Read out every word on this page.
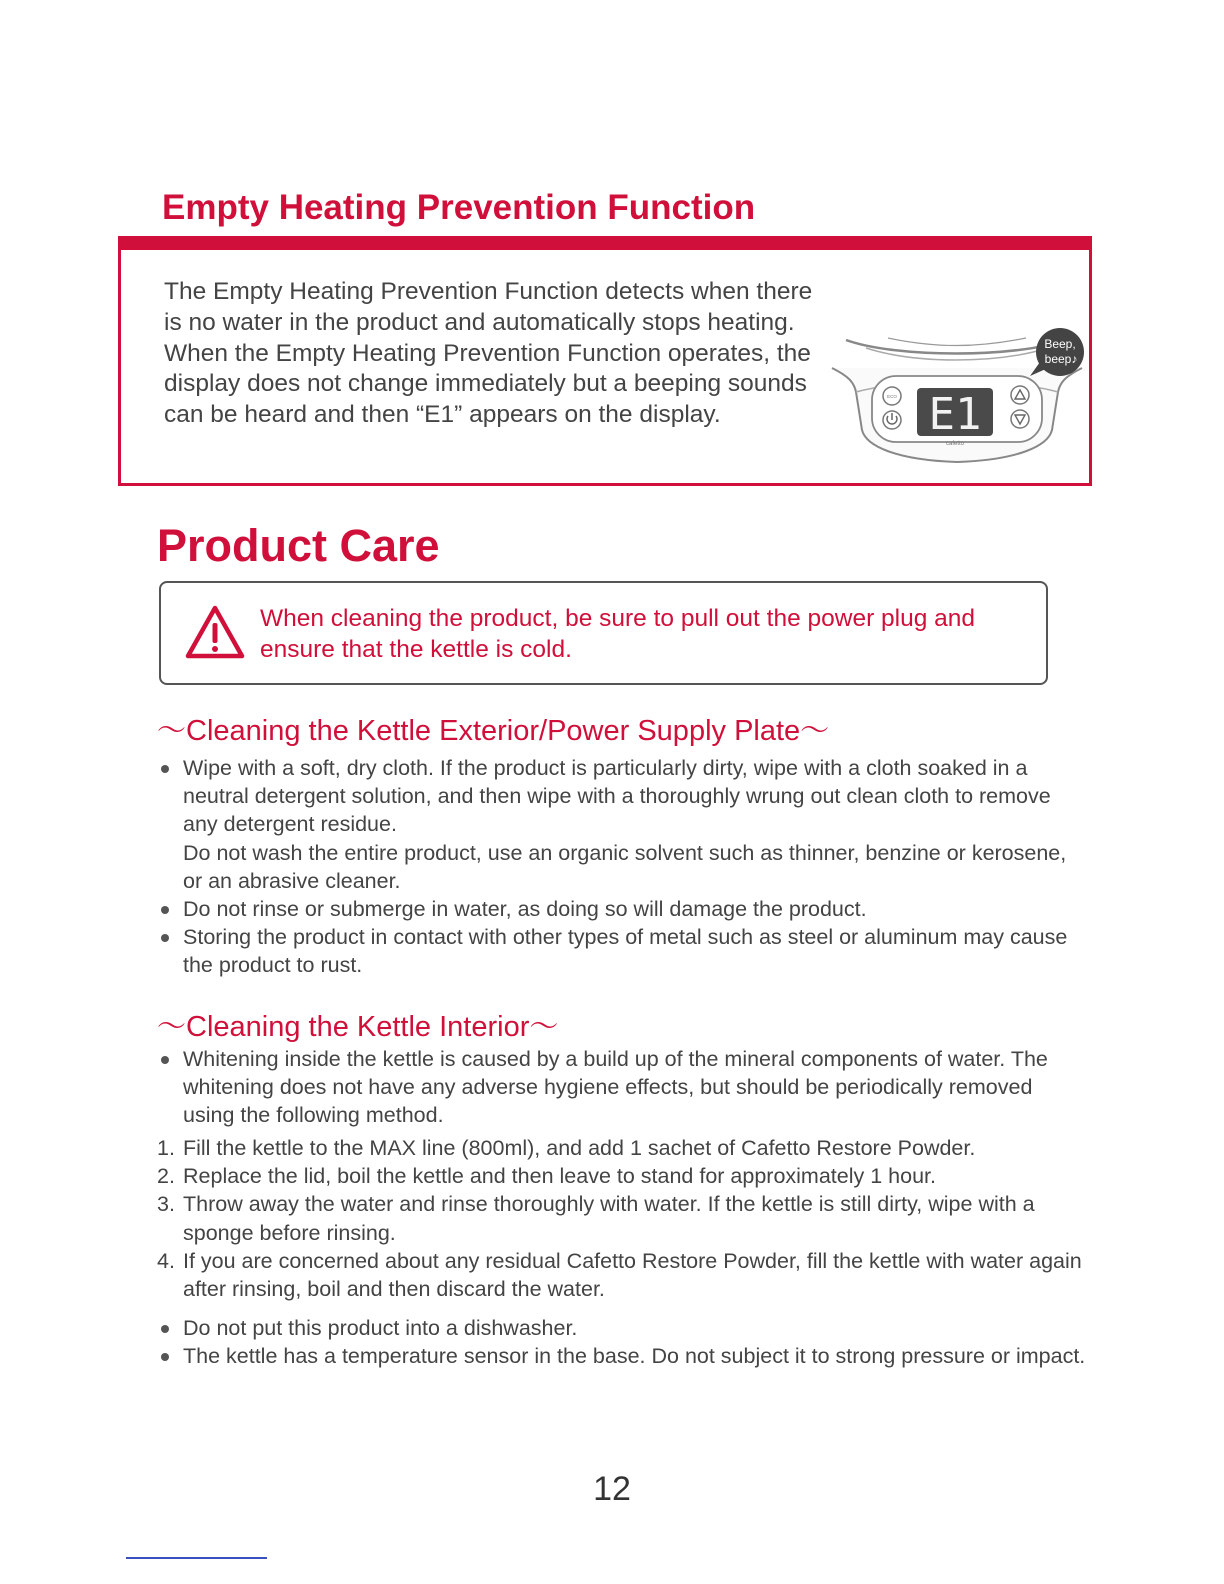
Empty Heating Prevention Function
The Empty Heating Prevention Function detects when there is no water in the product and automatically stops heating. When the Empty Heating Prevention Function operates, the display does not change immediately but a beeping sounds can be heard and then “E1” appears on the display.
ECO E1
cafetto
Beep,
beep♪
Product Care
When cleaning the product, be sure to pull out the power plug and ensure that the kettle is cold.
〜Cleaning the Kettle Exterior/Power Supply Plate〜

Wipe with a soft, dry cloth. If the product is particularly dirty, wipe with a cloth soaked in a neutral detergent solution, and then wipe with a thoroughly wrung out clean cloth to remove any detergent residue.

Do not wash the entire product, use an organic solvent such as thinner, benzine or kerosene, or an abrasive cleaner.

Do not rinse or submerge in water, as doing so will damage the product.

Storing the product in contact with other types of metal such as steel or aluminum may cause the product to rust.

〜Cleaning the Kettle Interior〜

Whitening inside the kettle is caused by a build up of the mineral components of water. The whitening does not have any adverse hygiene effects, but should be periodically removed using the following method.

1. Fill the kettle to the MAX line (800ml), and add 1 sachet of Cafetto Restore Powder.

2. Replace the lid, boil the kettle and then leave to stand for approximately 1 hour.

3. Throw away the water and rinse thoroughly with water. If the kettle is still dirty, wipe with a sponge before rinsing.

4. If you are concerned about any residual Cafetto Restore Powder, fill the kettle with water again after rinsing, boil and then discard the water.

Do not put this product into a dishwasher.

The kettle has a temperature sensor in the base. Do not subject it to strong pressure or impact.

12
